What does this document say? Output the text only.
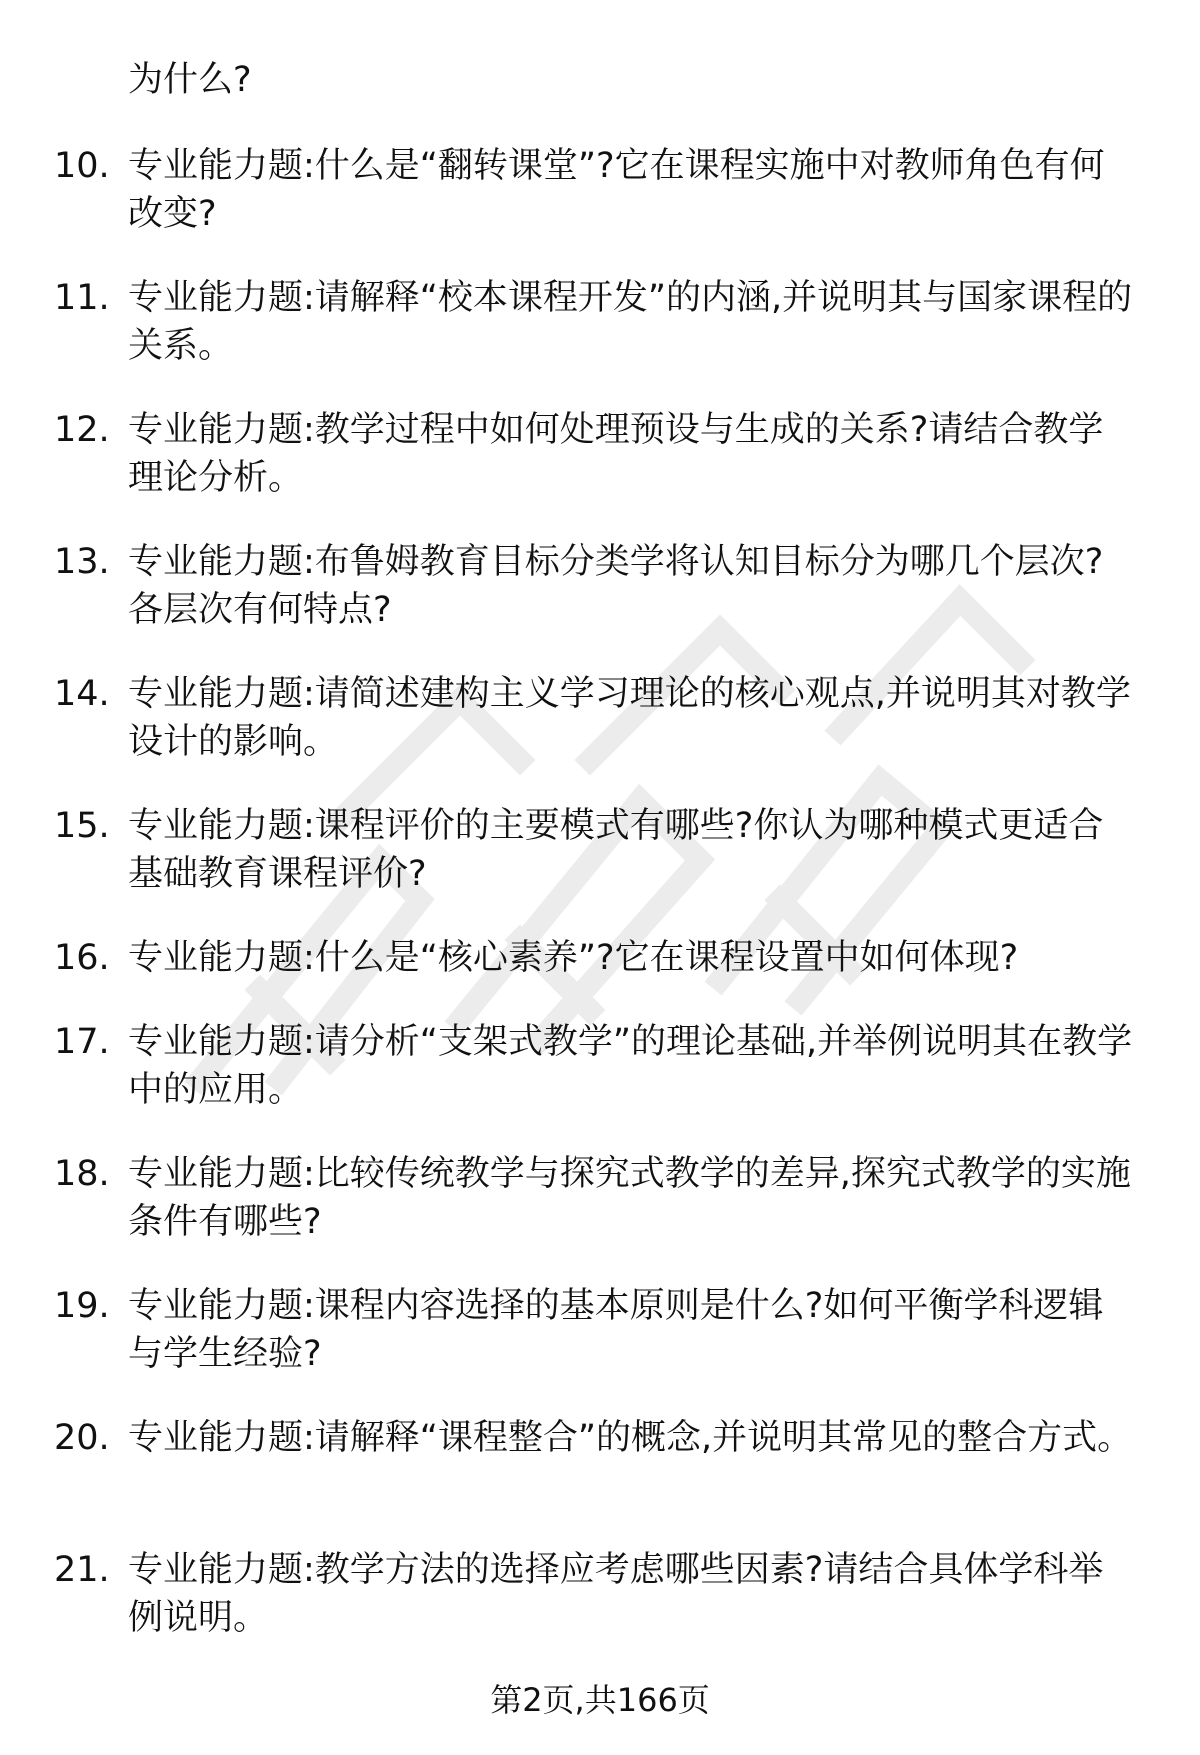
为什么?

10. 专业能力题:什么是“翻转课堂”?它在课程实施中对教师角色有何改变?
11. 专业能力题:请解释“校本课程开发”的内涵,并说明其与国家课程的关系。
12. 专业能力题:教学过程中如何处理预设与生成的关系?请结合教学理论分析。
13. 专业能力题:布鲁姆教育目标分类学将认知目标分为哪几个层次?各层次有何特点?
14. 专业能力题:请简述建构主义学习理论的核心观点,并说明其对教学设计的影响。
15. 专业能力题:课程评价的主要模式有哪些?你认为哪种模式更适合基础教育课程评价?
16. 专业能力题:什么是“核心素养”?它在课程设置中如何体现?
17. 专业能力题:请分析“支架式教学”的理论基础,并举例说明其在教学中的应用。
18. 专业能力题:比较传统教学与探究式教学的差异,探究式教学的实施条件有哪些?
19. 专业能力题:课程内容选择的基本原则是什么?如何平衡学科逻辑与学生经验?
20. 专业能力题:请解释“课程整合”的概念,并说明其常见的整合方式。
21. 专业能力题:教学方法的选择应考虑哪些因素?请结合具体学科举例说明。
第2页,共166页
